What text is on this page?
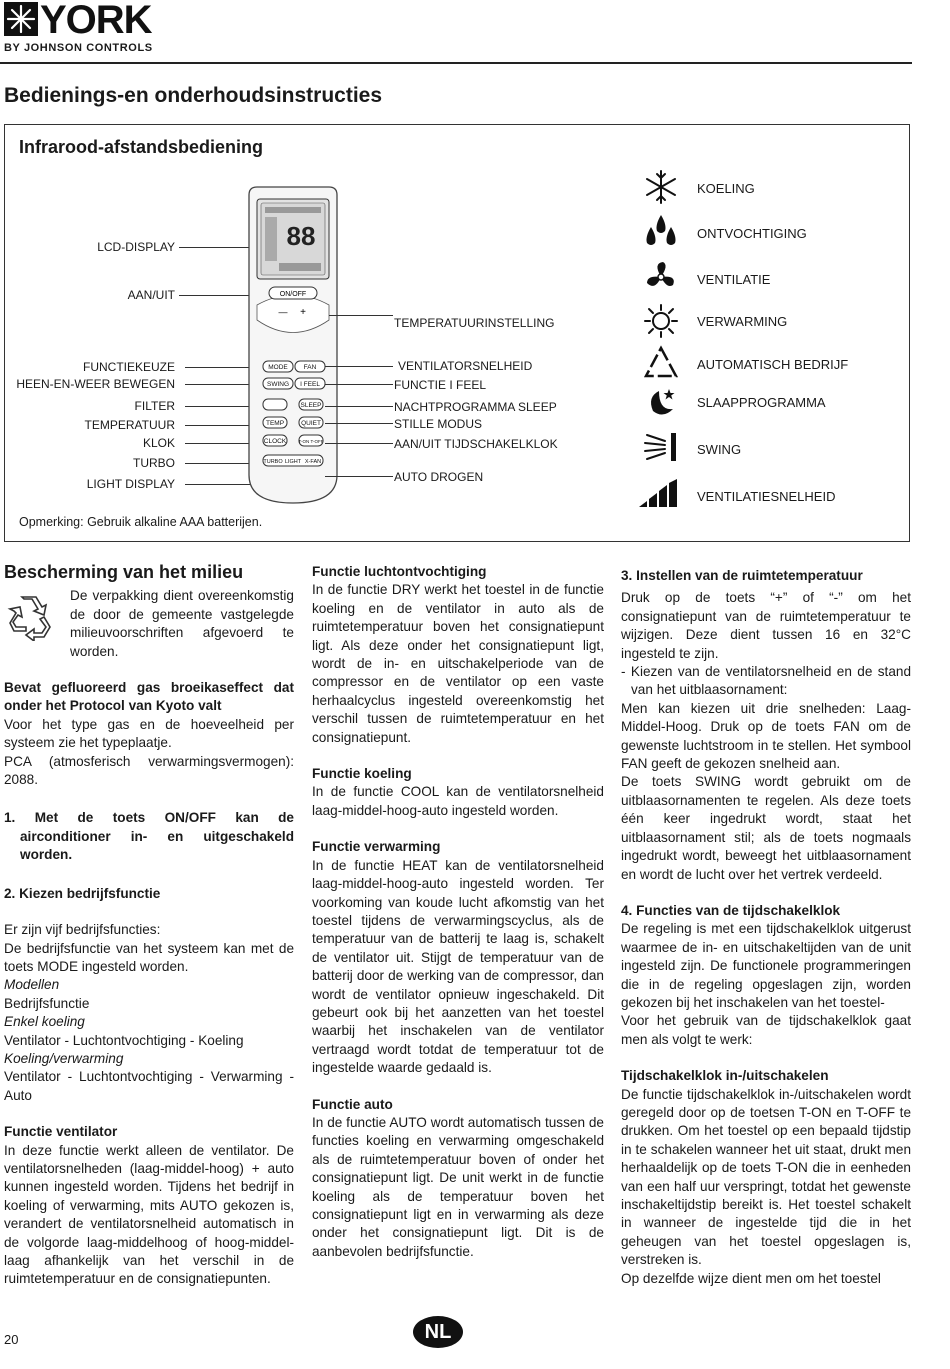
YORK
BY JOHNSON CONTROLS
Bedienings-en onderhoudsinstructies
Infrarood-afstandsbediening
LCD-DISPLAY
AAN/UIT
FUNCTIEKEUZE
HEEN-EN-WEER BEWEGEN
FILTER
TEMPERATUUR
KLOK
TURBO
LIGHT DISPLAY
88
ON/OFF
— +
MODE FAN
SWING I FEEL
SLEEP
TEMP	QUIET
CLOCK	T-ON T-OFF
TURBO LIGHT X-FAN
TEMPERATUURINSTELLING
VENTILATORSNELHEID
FUNCTIE I FEEL
NACHTPROGRAMMA SLEEP
STILLE MODUS
AAN/UIT TIJDSCHAKELKLOK
AUTO DROGEN
KOELING
ONTVOCHTIGING
VENTILATIE
VERWARMING
AUTOMATISCH BEDRIJF
SLAAPPROGRAMMA
SWING
VENTILATIESNELHEID
Opmerking: Gebruik alkaline AAA batterijen.

Bescherming van het milieu

De verpakking dient overeenkomstig de door de gemeente vastgelegde milieuvoorschriften afgevoerd te worden.

Bevat gefluoreerd gas broeikaseffect dat onder het Protocol van Kyoto valt

Voor het type gas en de hoeveelheid per systeem zie het typeplaatje.

PCA (atmosferisch verwarmingsvermogen): 2088.

1. Met de toets ON/OFF kan de airconditioner in- en uitgeschakeld worden.

2. Kiezen bedrijfsfunctie

Er zijn vijf bedrijfsfuncties:

De bedrijfsfunctie van het systeem kan met de toets MODE ingesteld worden.

Modellen

Bedrijfsfunctie

Enkel koeling

Ventilator - Luchtontvochtiging - Koeling

Koeling/verwarming

Ventilator - Luchtontvochtiging - Verwarming - Auto

Functie ventilator

In deze functie werkt alleen de ventilator. De ventilatorsnelheden (laag-middel-hoog) + auto kunnen ingesteld worden. Tijdens het bedrijf in koeling of verwarming, mits AUTO gekozen is, verandert de ventilatorsnelheid automatisch in de volgorde laag-middelhoog of hoog-middel-laag afhankelijk van het verschil in de ruimtetemperatuur en de consignatiepunten.

Functie luchtontvochtiging

In de functie DRY werkt het toestel in de functie koeling en de ventilator in auto als de ruimtetemperatuur boven het consignatiepunt ligt. Als deze onder het consignatiepunt ligt, wordt de in- en uitschakelperiode van de compressor en de ventilator op een vaste herhaalcyclus ingesteld overeenkomstig het verschil tussen de ruimtetemperatuur en het consignatiepunt.

Functie koeling

In de functie COOL kan de ventilatorsnelheid laag-middel-hoog-auto ingesteld worden.

Functie verwarming

In de functie HEAT kan de ventilatorsnelheid laag-middel-hoog-auto ingesteld worden. Ter voorkoming van koude lucht afkomstig van het toestel tijdens de verwarmingscyclus, als de temperatuur van de batterij te laag is, schakelt de ventilator uit. Stijgt de temperatuur van de batterij door de werking van de compressor, dan wordt de ventilator opnieuw ingeschakeld. Dit gebeurt ook bij het aanzetten van het toestel waarbij het inschakelen van de ventilator vertraagd wordt totdat de temperatuur tot de ingestelde waarde gedaald is.

Functie auto

In de functie AUTO wordt automatisch tussen de functies koeling en verwarming omgeschakeld als de ruimtetemperatuur boven of onder het consignatiepunt ligt. De unit werkt in de functie koeling als de temperatuur boven het consignatiepunt ligt en in verwarming als deze onder het consignatiepunt ligt. Dit is de aanbevolen bedrijfsfunctie.

3. Instellen van de ruimtetemperatuur

Druk op de toets “+” of “-” om het consignatiepunt van de ruimtetemperatuur te wijzigen. Deze dient tussen 16 en 32°C ingesteld te zijn.

- Kiezen van de ventilatorsnelheid en de stand van het uitblaasornament:

Men kan kiezen uit drie snelheden: Laag-Middel-Hoog. Druk op de toets FAN om de gewenste luchtstroom in te stellen. Het symbool FAN geeft de gekozen snelheid aan.

De toets SWING wordt gebruikt om de uitblaasornamenten te regelen. Als deze toets één keer ingedrukt wordt, staat het uitblaasornament stil; als de toets nogmaals ingedrukt wordt, beweegt het uitblaasornament en wordt de lucht over het vertrek verdeeld.

4. Functies van de tijdschakelklok

De regeling is met een tijdschakelklok uitgerust waarmee de in- en uitschakeltijden van de unit ingesteld zijn. De functionele programmeringen die in de regeling opgeslagen zijn, worden gekozen bij het inschakelen van het toestel-

Voor het gebruik van de tijdschakelklok gaat men als volgt te werk:

Tijdschakelklok in-/uitschakelen

De functie tijdschakelklok in-/uitschakelen wordt geregeld door op de toetsen T-ON en T-OFF te drukken. Om het toestel op een bepaald tijdstip in te schakelen wanneer het uit staat, drukt men herhaaldelijk op de toets T-ON die in eenheden van een half uur verspringt, totdat het gewenste inschakeltijdstip bereikt is. Het toestel schakelt in wanneer de ingestelde tijd die in het geheugen van het toestel opgeslagen is, verstreken is.

Op dezelfde wijze dient men om het toestel

20	NL
